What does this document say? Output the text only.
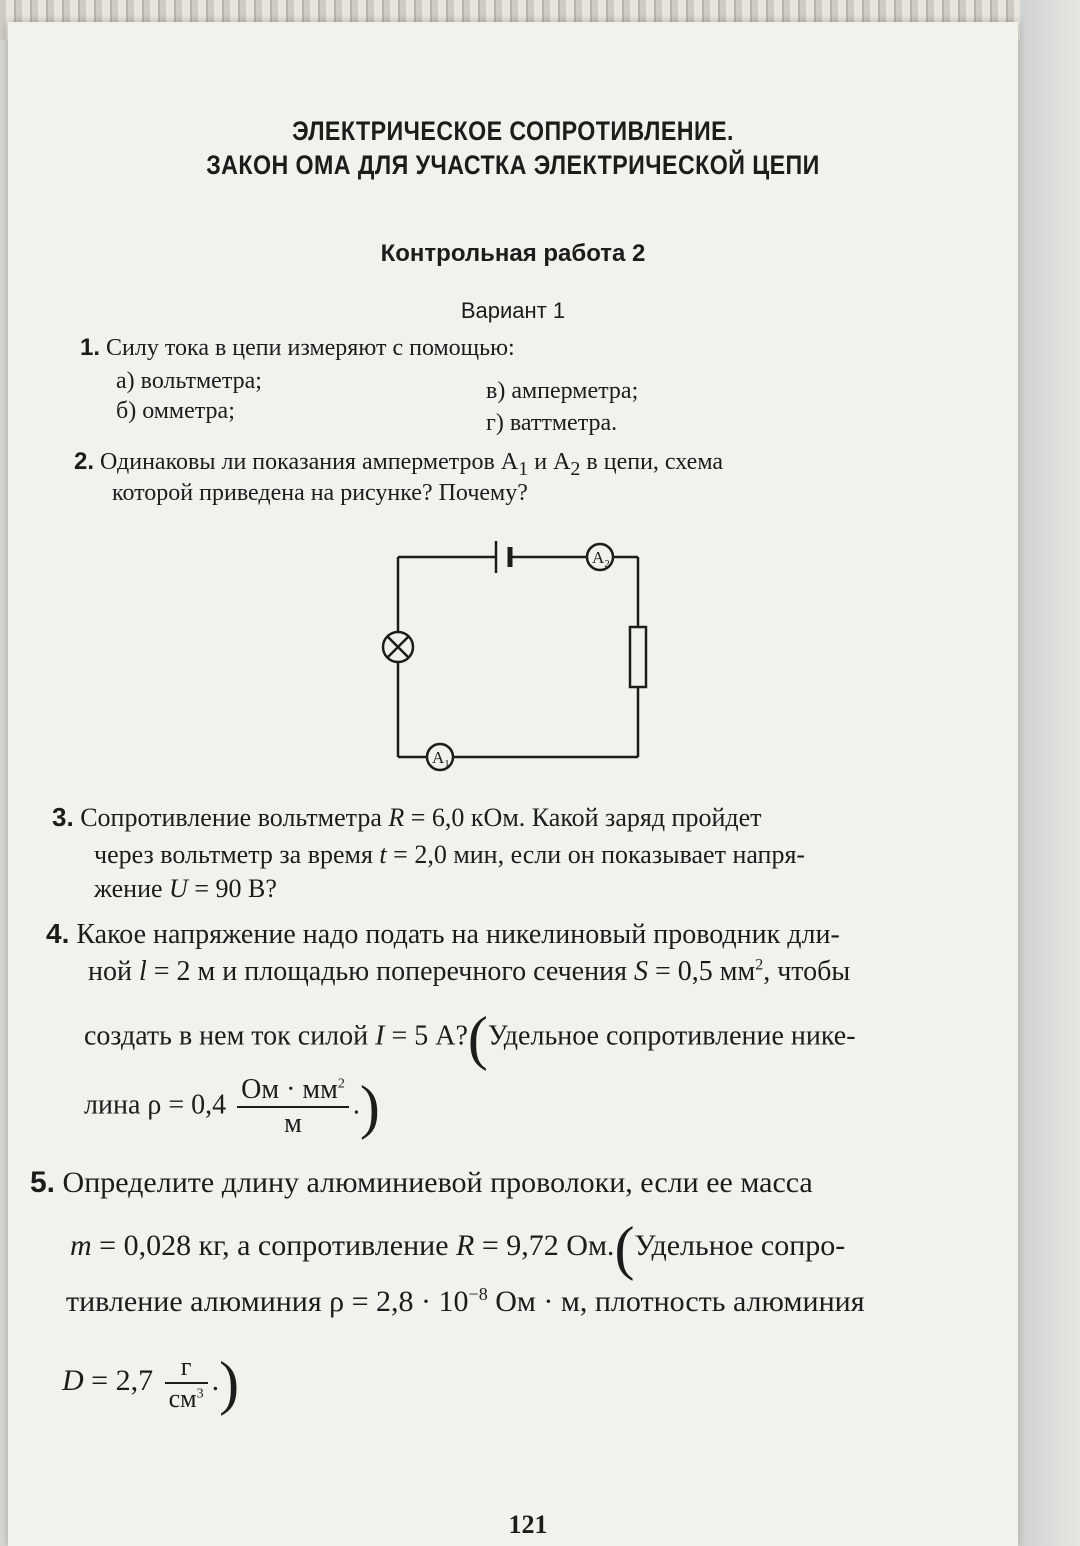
ЭЛЕКТРИЧЕСКОЕ СОПРОТИВЛЕНИЕ.
ЗАКОН ОМА ДЛЯ УЧАСТКА ЭЛЕКТРИЧЕСКОЙ ЦЕПИ
Контрольная работа 2
Вариант 1
1. Силу тока в цепи измеряют с помощью:
а) вольтметра;
б) омметра;
в) амперметра;
г) ваттметра.
2. Одинаковы ли показания амперметров $A_1$ и $A_2$ в цепи, схема
которой приведена на рисунке? Почему?
$A_2$
$A_1$
3. Сопротивление вольтметра R = 6,0 кОм. Какой заряд пройдет
через вольтметр за время t = 2,0 мин, если он показывает напря-
жение U = 90 В?
4. Какое напряжение надо подать на никелиновый проводник дли-
ной l = 2 м и площадью поперечного сечения S = 0,5 $мм^2$, чтобы
создать в нем ток силой I = 5 А?(Удельное сопротивление нике-
лина $\rho = 0,4 \frac{Ом \cdot мм^2}{м}$ .)
5. Определите длину алюминиевой проволоки, если ее масса
m = 0,028 кг, а сопротивление R = 9,72 Ом.(Удельное сопро-
тивление алюминия $\rho = 2,8 \cdot 10^{-8}$ Ом · м, плотность алюминия
$D = 2,7 \frac{г}{см^3}$ .)
121
